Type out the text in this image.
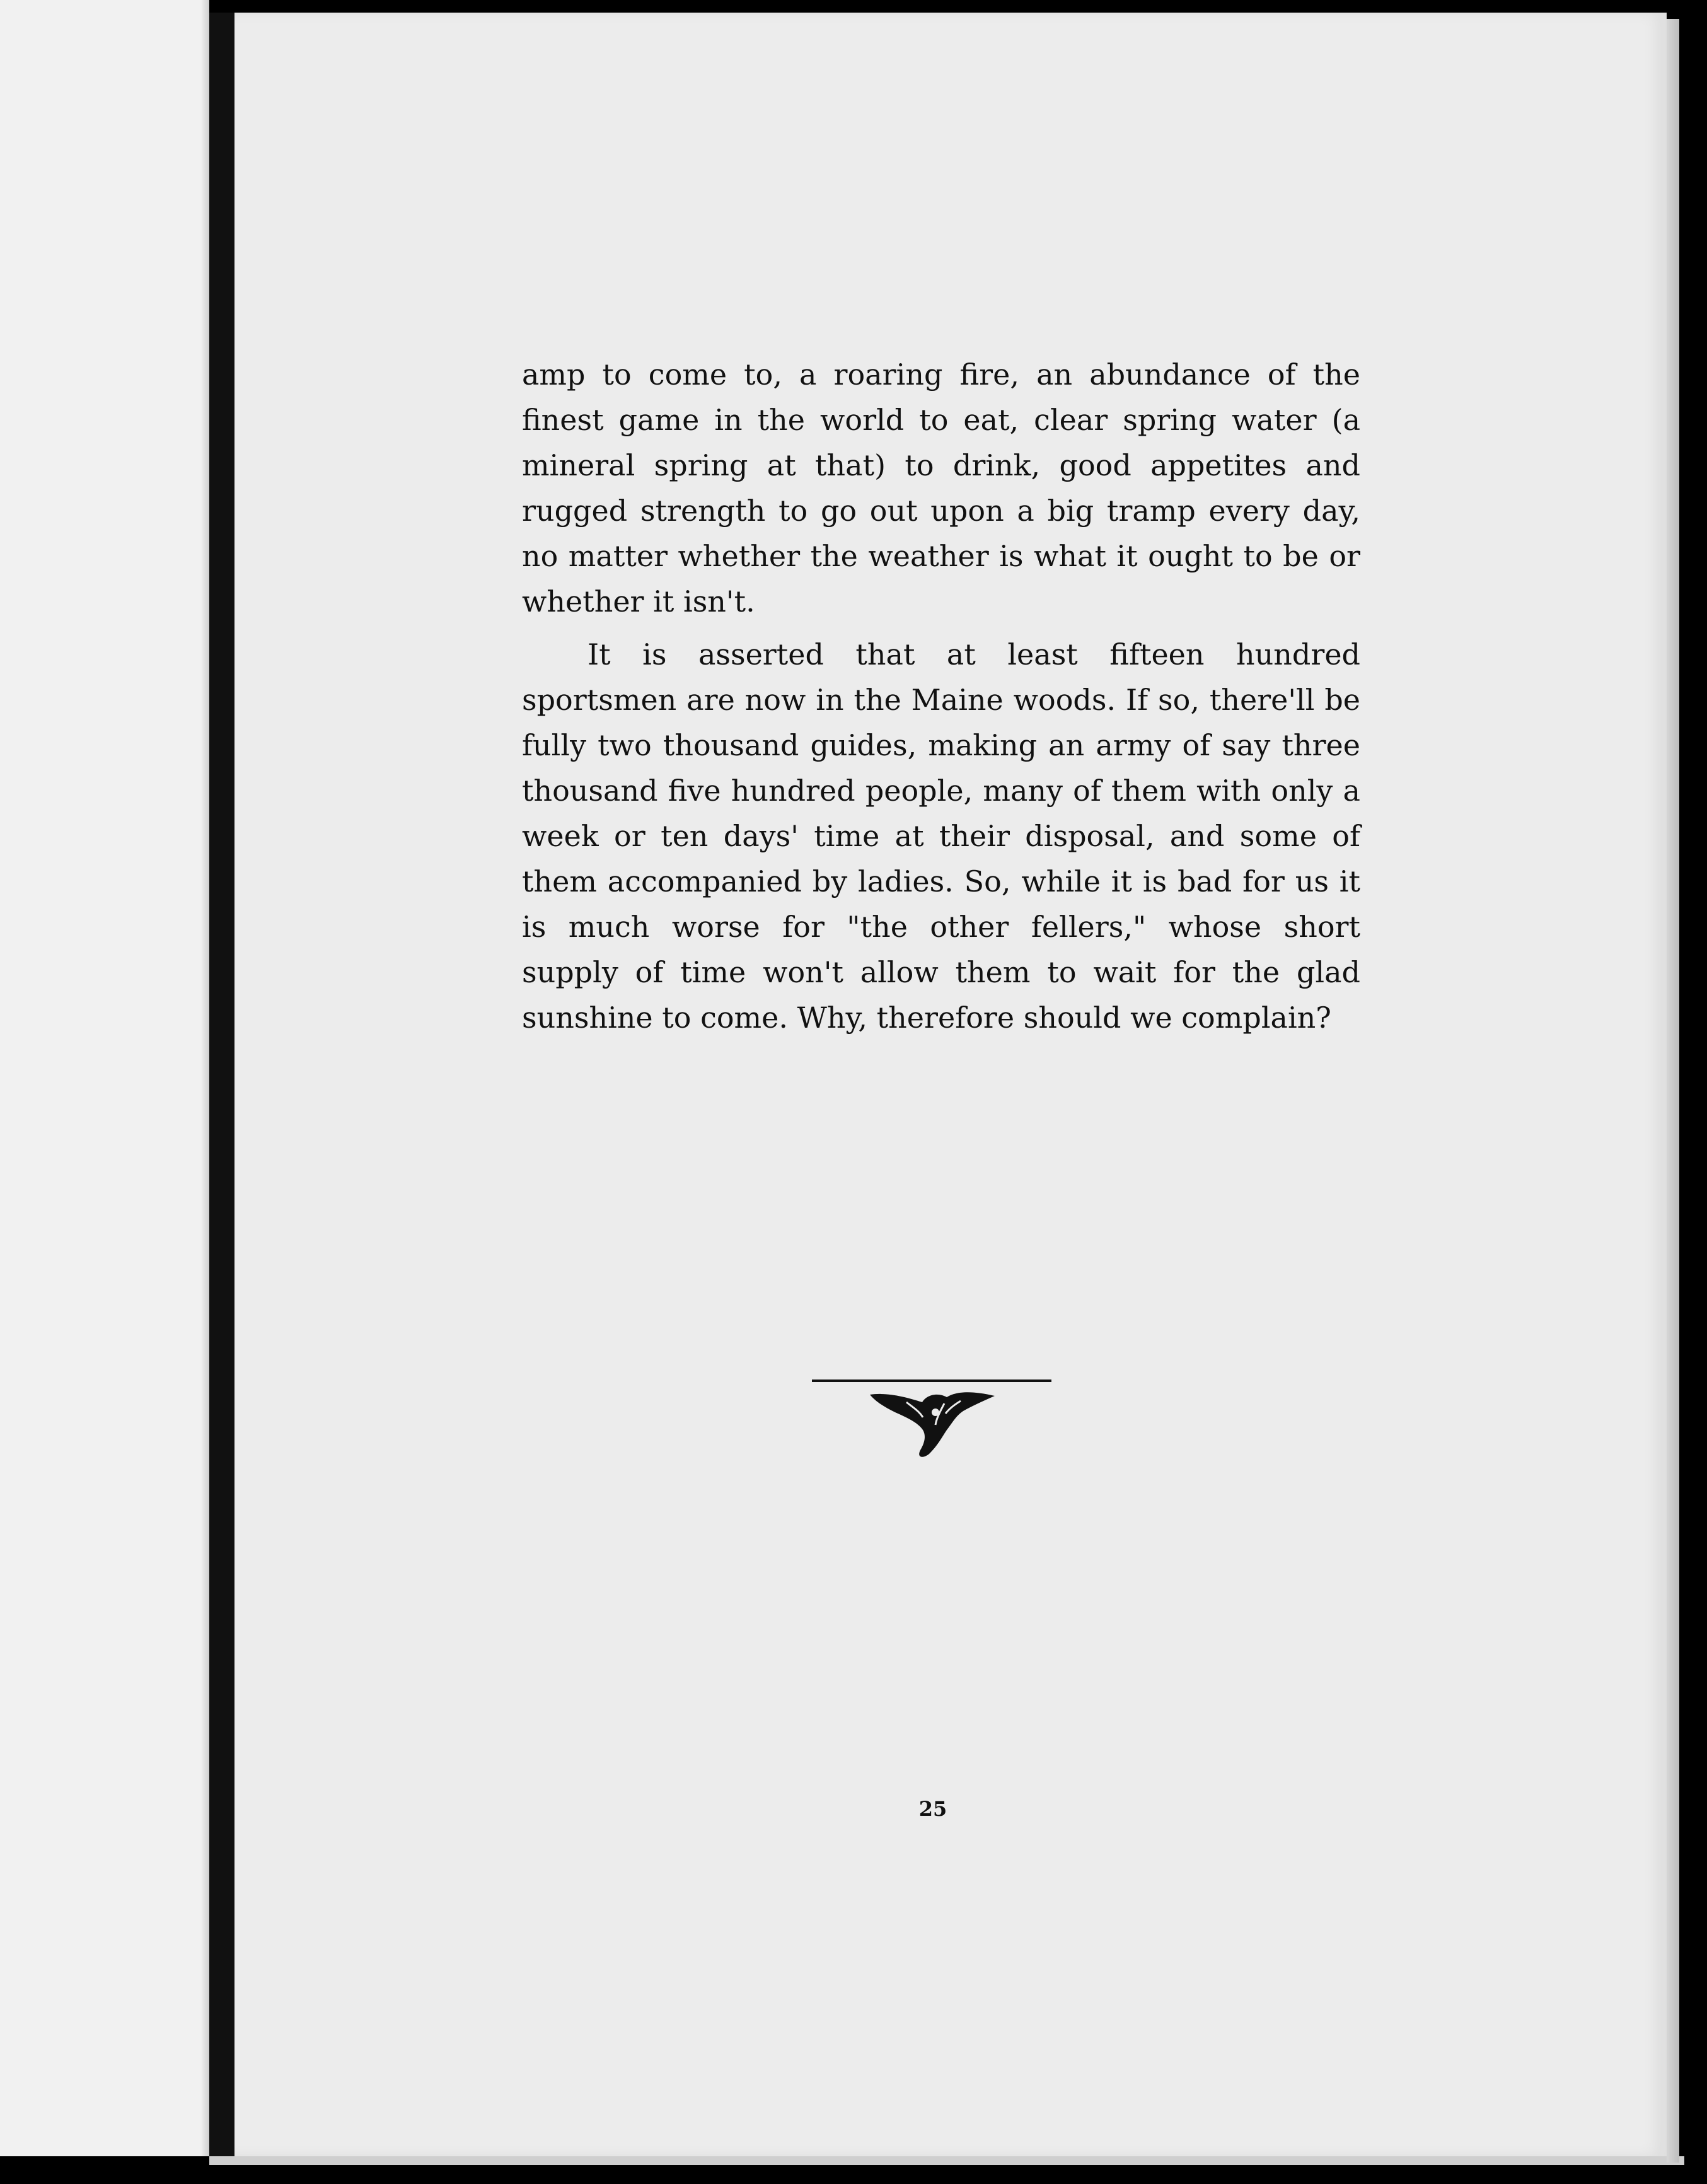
amp to come to, a roaring fire, an abundance of the finest game in the world to eat, clear spring water (a mineral spring at that) to drink, good appetites and rugged strength to go out upon a big tramp every day, no matter whether the weather is what it ought to be or whether it isn't.

It is asserted that at least fifteen hundred sportsmen are now in the Maine woods. If so, there'll be fully two thousand guides, making an army of say three thousand five hundred people, many of them with only a week or ten days' time at their disposal, and some of them accompanied by ladies. So, while it is bad for us it is much worse for "the other fellers," whose short supply of time won't allow them to wait for the glad sunshine to come. Why, therefore should we complain?

25
